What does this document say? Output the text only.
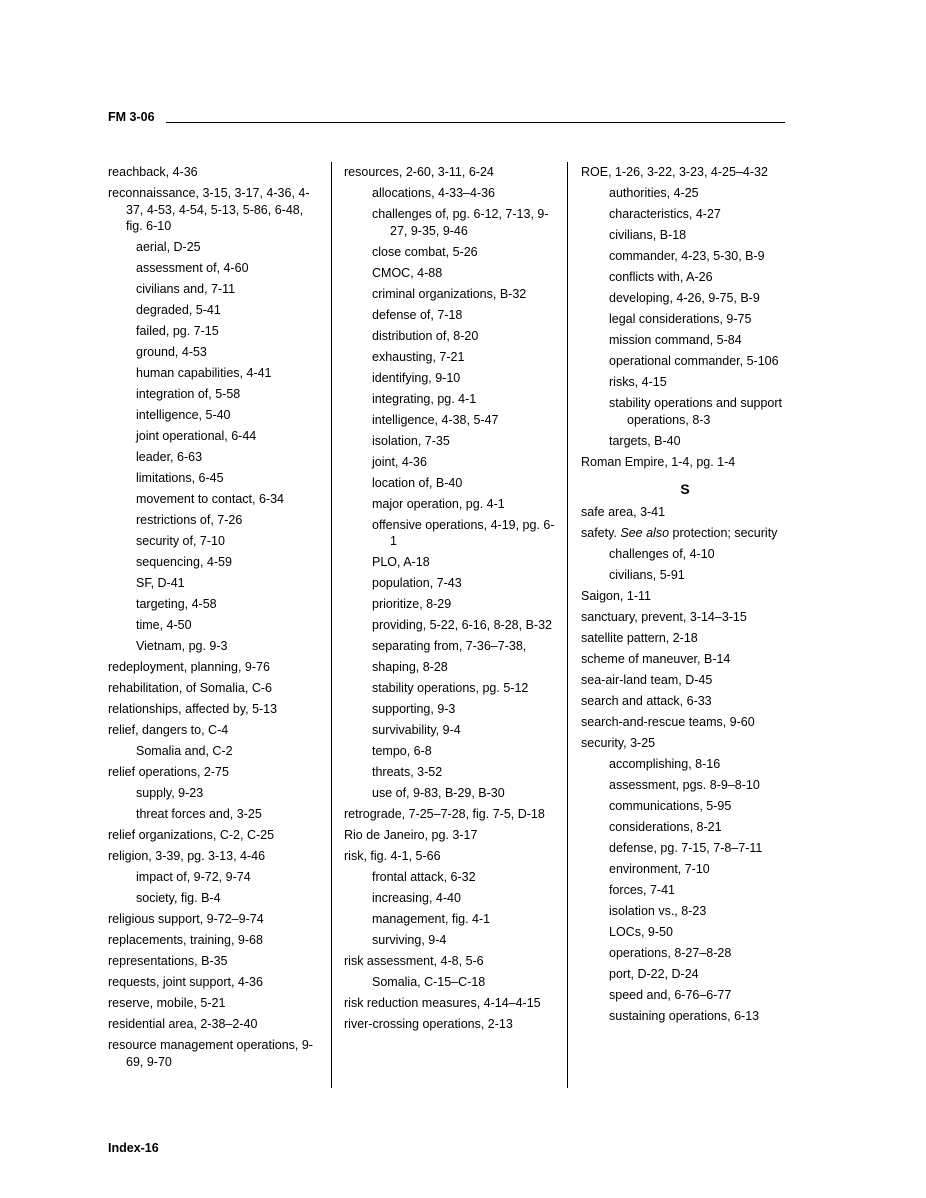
FM 3-06
reachback, 4-36
reconnaissance, 3-15, 3-17, 4-36, 4-37, 4-53, 4-54, 5-13, 5-86, 6-48, fig. 6-10
aerial, D-25
assessment of, 4-60
civilians and, 7-11
degraded, 5-41
failed, pg. 7-15
ground, 4-53
human capabilities, 4-41
integration of, 5-58
intelligence, 5-40
joint operational, 6-44
leader, 6-63
limitations, 6-45
movement to contact, 6-34
restrictions of, 7-26
security of, 7-10
sequencing, 4-59
SF, D-41
targeting, 4-58
time, 4-50
Vietnam, pg. 9-3
redeployment, planning, 9-76
rehabilitation, of Somalia, C-6
relationships, affected by, 5-13
relief, dangers to, C-4
Somalia and, C-2
relief operations, 2-75
supply, 9-23
threat forces and, 3-25
relief organizations, C-2, C-25
religion, 3-39, pg. 3-13, 4-46
impact of, 9-72, 9-74
society, fig. B-4
religious support, 9-72–9-74
replacements, training, 9-68
representations, B-35
requests, joint support, 4-36
reserve, mobile, 5-21
residential area, 2-38–2-40
resource management operations, 9-69, 9-70
resources, 2-60, 3-11, 6-24
allocations, 4-33–4-36
challenges of, pg. 6-12, 7-13, 9-27, 9-35, 9-46
close combat, 5-26
CMOC, 4-88
criminal organizations, B-32
defense of, 7-18
distribution of, 8-20
exhausting, 7-21
identifying, 9-10
integrating, pg. 4-1
intelligence, 4-38, 5-47
isolation, 7-35
joint, 4-36
location of, B-40
major operation, pg. 4-1
offensive operations, 4-19, pg. 6-1
PLO, A-18
population, 7-43
prioritize, 8-29
providing, 5-22, 6-16, 8-28, B-32
separating from, 7-36–7-38,
shaping, 8-28
stability operations, pg. 5-12
supporting, 9-3
survivability, 9-4
tempo, 6-8
threats, 3-52
use of, 9-83, B-29, B-30
retrograde, 7-25–7-28, fig. 7-5, D-18
Rio de Janeiro, pg. 3-17
risk, fig. 4-1, 5-66
frontal attack, 6-32
increasing, 4-40
management, fig. 4-1
surviving, 9-4
risk assessment, 4-8, 5-6
Somalia, C-15–C-18
risk reduction measures, 4-14–4-15
river-crossing operations, 2-13
ROE, 1-26, 3-22, 3-23, 4-25–4-32
authorities, 4-25
characteristics, 4-27
civilians, B-18
commander, 4-23, 5-30, B-9
conflicts with, A-26
developing, 4-26, 9-75, B-9
legal considerations, 9-75
mission command, 5-84
operational commander, 5-106
risks, 4-15
stability operations and support operations, 8-3
targets, B-40
Roman Empire, 1-4, pg. 1-4
S
safe area, 3-41
safety. See also protection; security
challenges of, 4-10
civilians, 5-91
Saigon, 1-11
sanctuary, prevent, 3-14–3-15
satellite pattern, 2-18
scheme of maneuver, B-14
sea-air-land team, D-45
search and attack, 6-33
search-and-rescue teams, 9-60
security, 3-25
accomplishing, 8-16
assessment, pgs. 8-9–8-10
communications, 5-95
considerations, 8-21
defense, pg. 7-15, 7-8–7-11
environment, 7-10
forces, 7-41
isolation vs., 8-23
LOCs, 9-50
operations, 8-27–8-28
port, D-22, D-24
speed and, 6-76–6-77
sustaining operations, 6-13
Index-16
